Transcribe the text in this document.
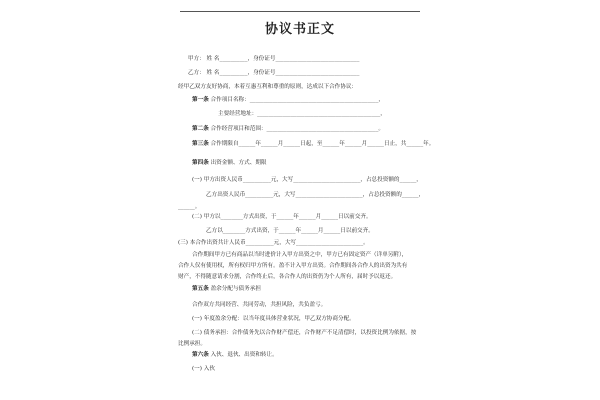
协议书正文
甲方： 姓 名__________，身份证号______________________________
乙方： 姓 名__________，身份证号______________________________
经甲乙双方友好协商，本着互惠互利和尊重的原则，达成以下合作协议：
第一条 合作项目名称：______________________________________________，
主要经营地址：____________________________________________，
第二条 合作经营项目和范围：________________________________________。
第三条 合作期限自______年______月______日起，至______年______月______日止，共______年。
第四条 出资金额、方式、期限
(一) 甲方出资人民币__________元，大写________________________，占总投资额的______，
乙方出资人民币__________元，大写________________________，占总投资额的______，
______。
(二) 甲方以________方式出资，于______年______月______日以前交齐。
乙方以________方式出资，于______年______月______日以前交齐。
(三) 本合作出资共计人民币__________元，大写________________________。
合作期间甲方已有商品以当时进价计入甲方出资之中，甲方已有固定资产（详单另附），
合作人仅有使用权，所有权归甲方所有。盈不计入甲方出资。合作期间各合作人的出资为共有
财产，不得随意请求分割，合作终止后，各合作人的出资仍为个人所有，届时予以返还。
第五条 盈余分配与债务承担
合作双方共同经营、共同劳动，共担风险，共负盈亏。
(一) 年度盈余分配：以当年度具体营业状况，甲乙双方协商分配。
(二) 债务承担：合作债务先以合作财产偿还，合作财产不足清偿时，以投资比例为依据，按
比例承担。
第六条 入伙、退伙、出资和转让。
(一) 入伙
